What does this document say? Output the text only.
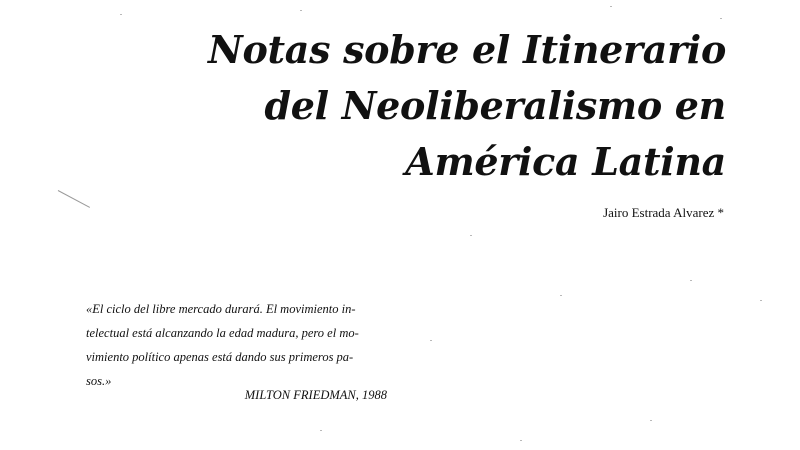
Notas sobre el Itinerario
del Neoliberalismo en
América Latina
Jairo Estrada Alvarez *
«El ciclo del libre mercado durará. El movimiento in-
telectual está alcanzando la edad madura, pero el mo-
vimiento político apenas está dando sus primeros pa-
sos.»
MILTON FRIEDMAN, 1988
